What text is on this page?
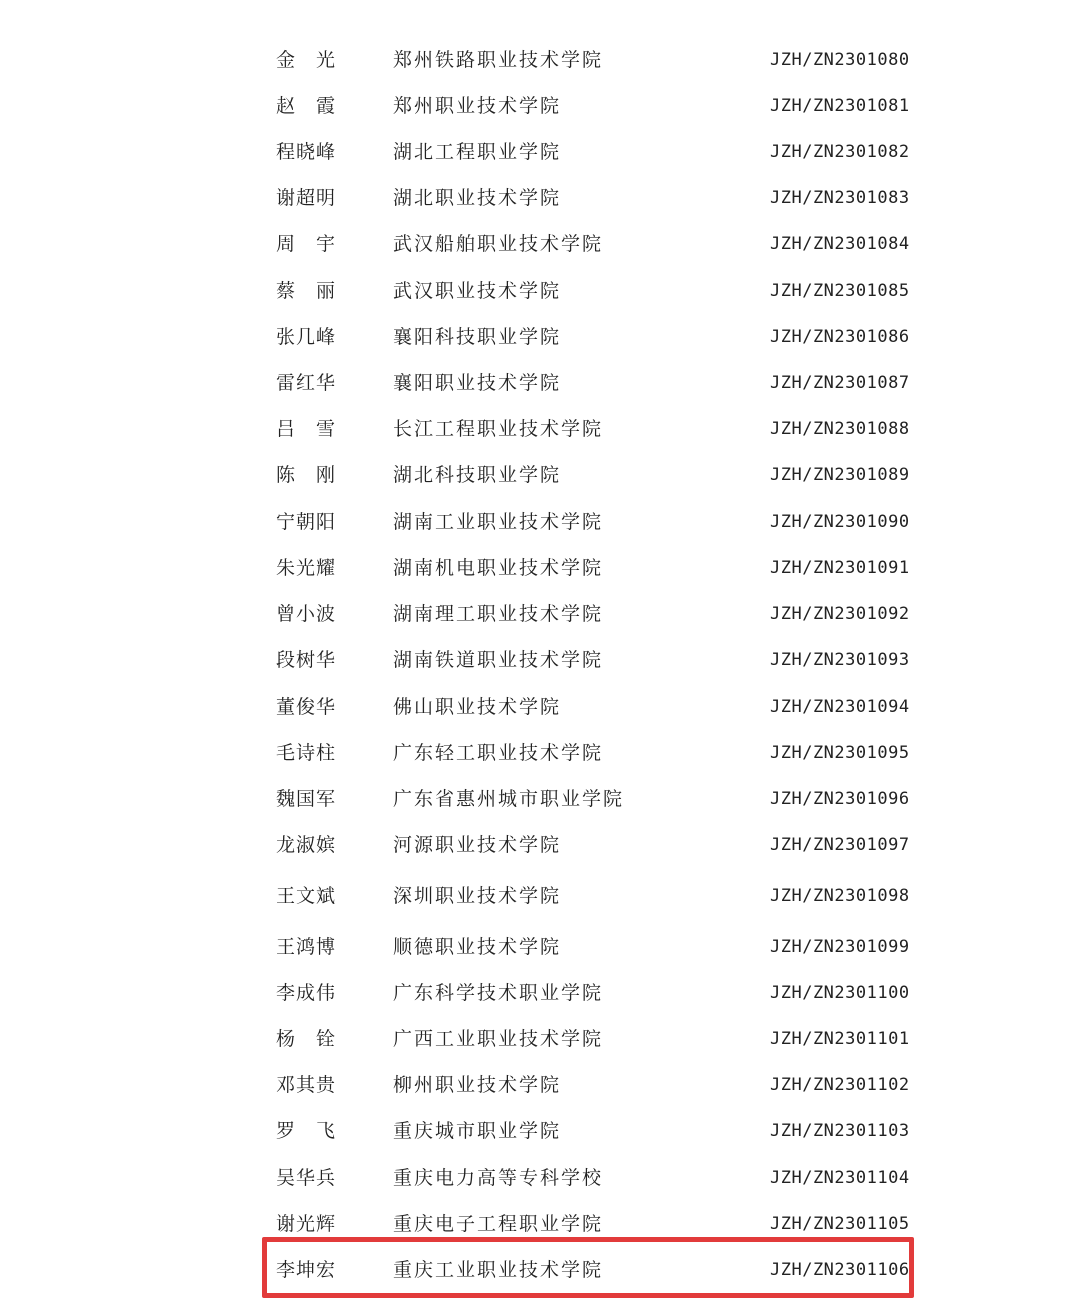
金　光	郑州铁路职业技术学院	JZH/ZN2301080
赵　霞	郑州职业技术学院	JZH/ZN2301081
程晓峰	湖北工程职业学院	JZH/ZN2301082
谢超明	湖北职业技术学院	JZH/ZN2301083
周　宇	武汉船舶职业技术学院	JZH/ZN2301084
蔡　丽	武汉职业技术学院	JZH/ZN2301085
张几峰	襄阳科技职业学院	JZH/ZN2301086
雷红华	襄阳职业技术学院	JZH/ZN2301087
吕　雪	长江工程职业技术学院	JZH/ZN2301088
陈　刚	湖北科技职业学院	JZH/ZN2301089
宁朝阳	湖南工业职业技术学院	JZH/ZN2301090
朱光耀	湖南机电职业技术学院	JZH/ZN2301091
曾小波	湖南理工职业技术学院	JZH/ZN2301092
段树华	湖南铁道职业技术学院	JZH/ZN2301093
董俊华	佛山职业技术学院	JZH/ZN2301094
毛诗柱	广东轻工职业技术学院	JZH/ZN2301095
魏国军	广东省惠州城市职业学院	JZH/ZN2301096
龙淑嫔	河源职业技术学院	JZH/ZN2301097
王文斌	深圳职业技术学院	JZH/ZN2301098
王鸿博	顺德职业技术学院	JZH/ZN2301099
李成伟	广东科学技术职业学院	JZH/ZN2301100
杨　铨	广西工业职业技术学院	JZH/ZN2301101
邓其贵	柳州职业技术学院	JZH/ZN2301102
罗　飞	重庆城市职业学院	JZH/ZN2301103
吴华兵	重庆电力高等专科学校	JZH/ZN2301104
谢光辉	重庆电子工程职业学院	JZH/ZN2301105
李坤宏	重庆工业职业技术学院	JZH/ZN2301106
